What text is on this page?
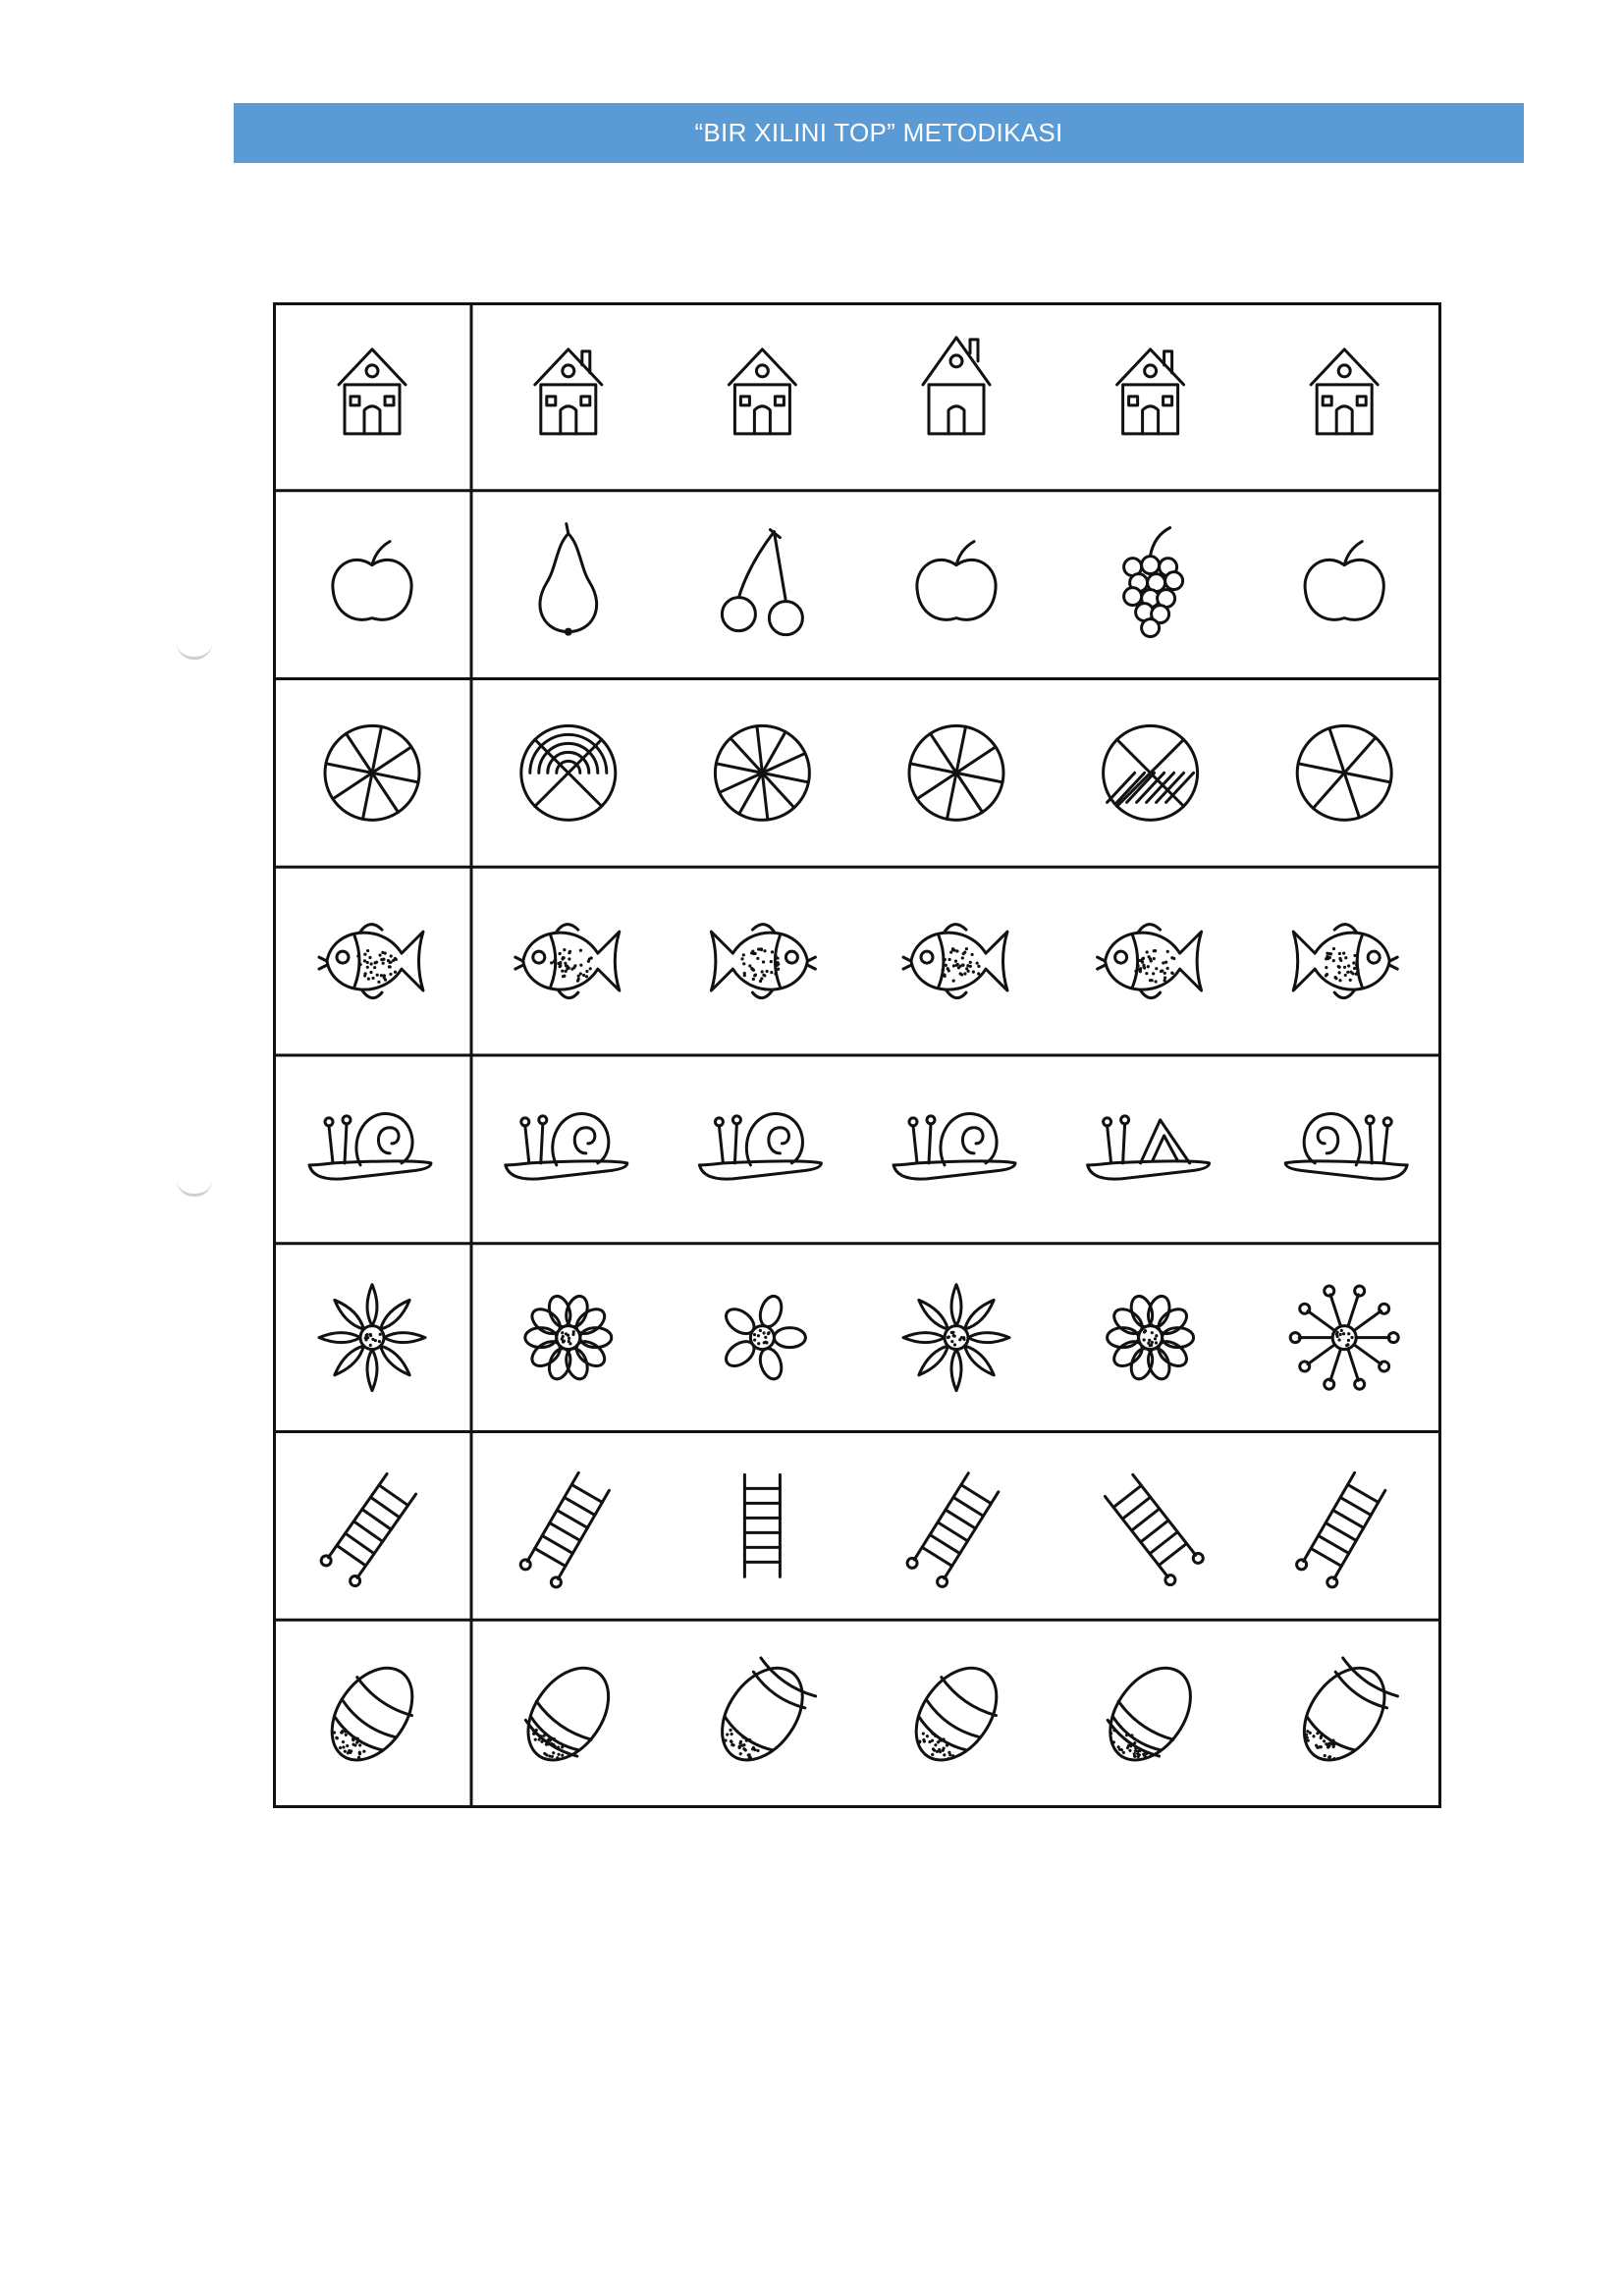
“BIR XILINI TOP” METODIKASI
